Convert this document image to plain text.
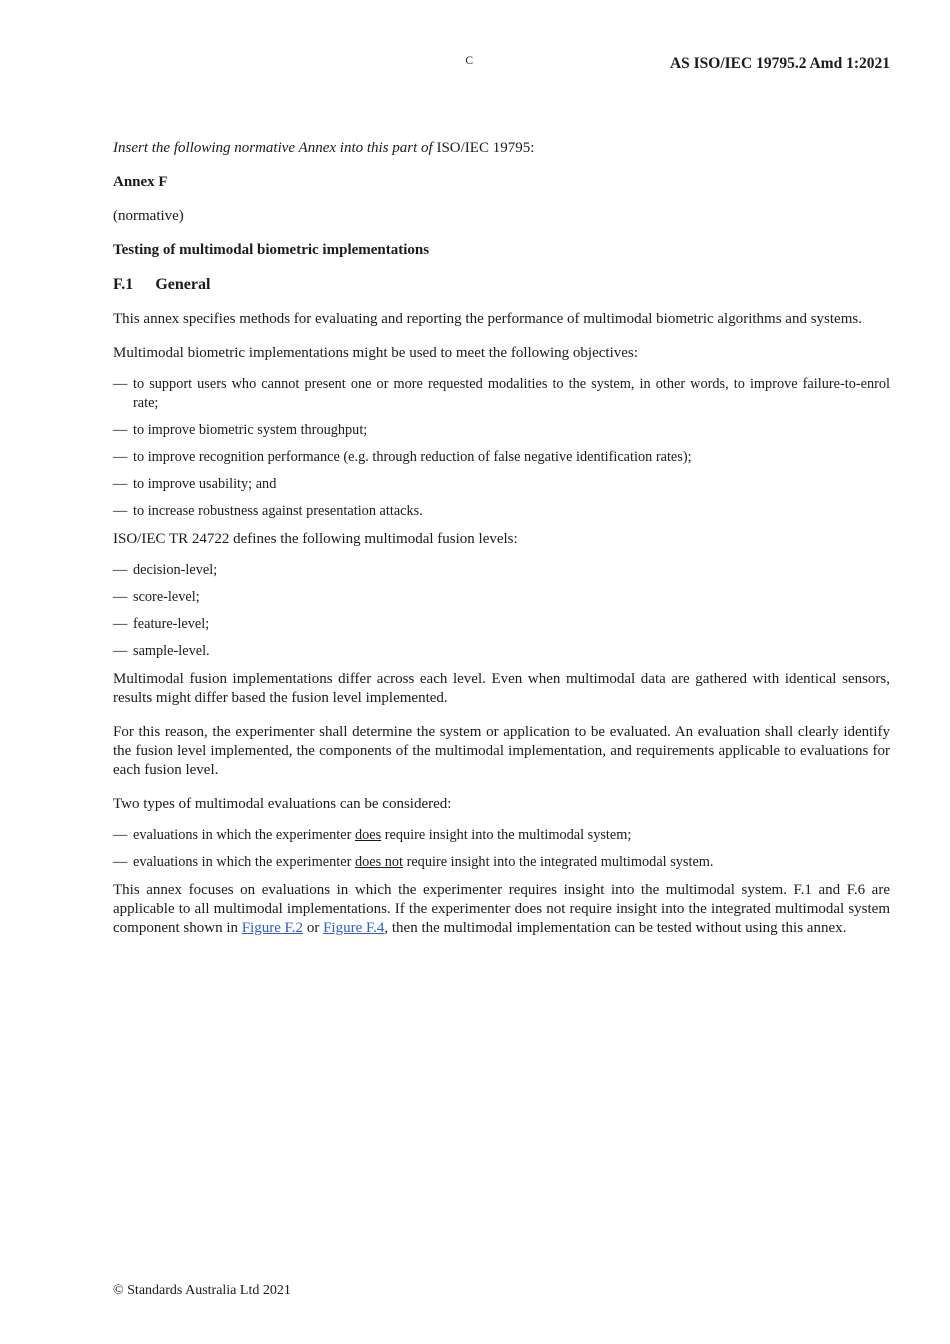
C	AS ISO/IEC 19795.2 Amd 1:2021
Insert the following normative Annex into this part of ISO/IEC 19795:
Annex F
(normative)
Testing of multimodal biometric implementations
F.1 General

This annex specifies methods for evaluating and reporting the performance of multimodal biometric algorithms and systems.

Multimodal biometric implementations might be used to meet the following objectives:

— to support users who cannot present one or more requested modalities to the system, in other words, to improve failure-to-enrol rate;
— to improve biometric system throughput;
— to improve recognition performance (e.g. through reduction of false negative identification rates);
— to improve usability; and
— to increase robustness against presentation attacks.

ISO/IEC TR 24722 defines the following multimodal fusion levels:

— decision-level;
— score-level;
— feature-level;
— sample-level.

Multimodal fusion implementations differ across each level. Even when multimodal data are gathered with identical sensors, results might differ based the fusion level implemented.

For this reason, the experimenter shall determine the system or application to be evaluated. An evaluation shall clearly identify the fusion level implemented, the components of the multimodal implementation, and requirements applicable to evaluations for each fusion level.

Two types of multimodal evaluations can be considered:

— evaluations in which the experimenter does require insight into the multimodal system;
— evaluations in which the experimenter does not require insight into the integrated multimodal system.

This annex focuses on evaluations in which the experimenter requires insight into the multimodal system. F.1 and F.6 are applicable to all multimodal implementations. If the experimenter does not require insight into the integrated multimodal system component shown in Figure F.2 or Figure F.4, then the multimodal implementation can be tested without using this annex.

© Standards Australia Ltd 2021
